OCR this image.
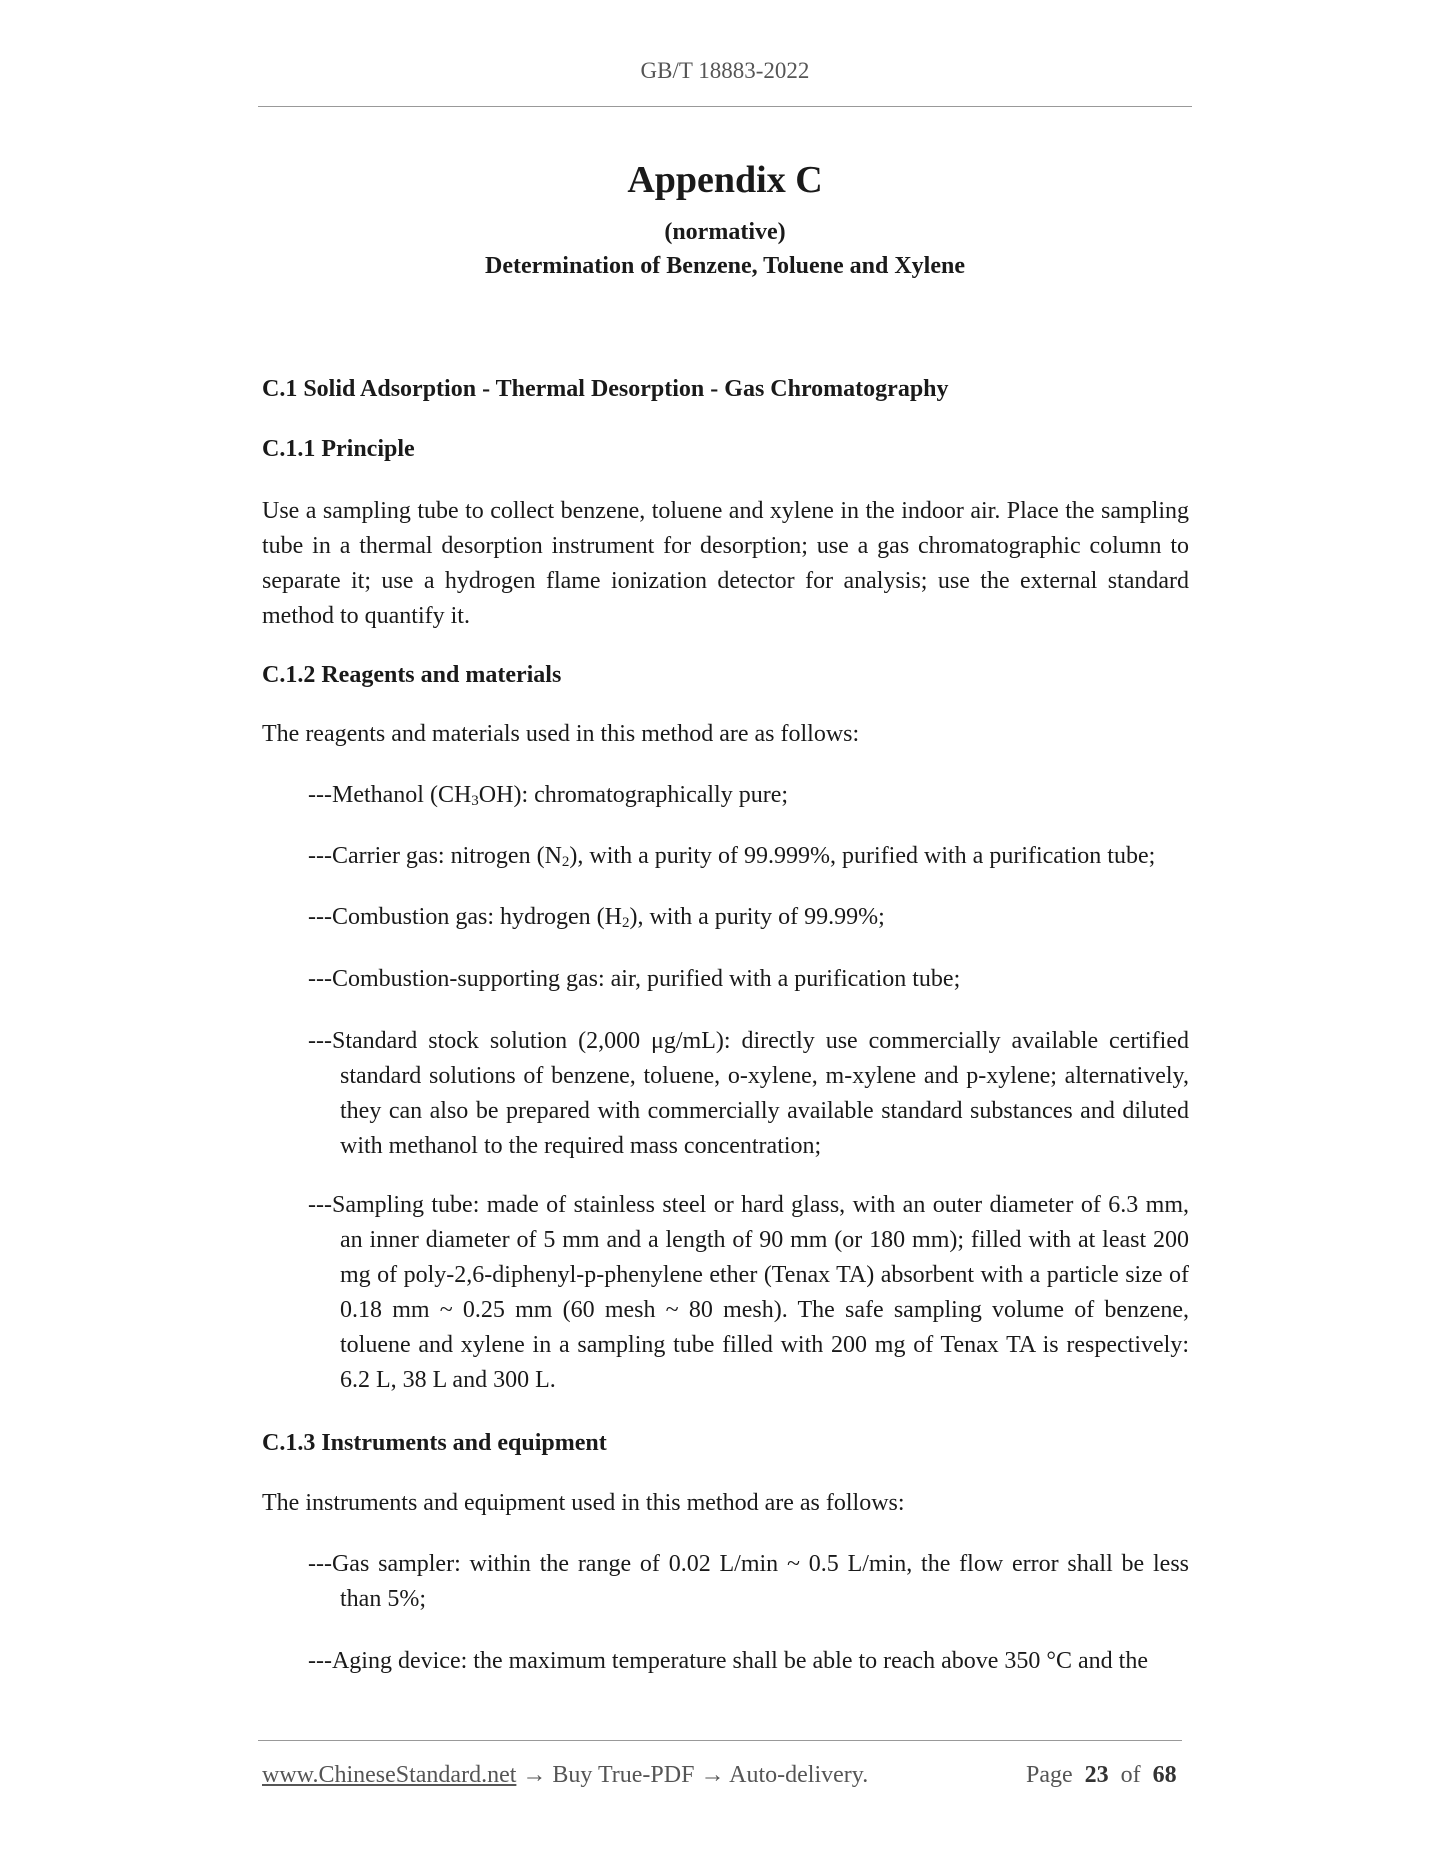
GB/T 18883-2022
Appendix C
(normative)
Determination of Benzene, Toluene and Xylene
C.1 Solid Adsorption - Thermal Desorption - Gas Chromatography
C.1.1 Principle
Use a sampling tube to collect benzene, toluene and xylene in the indoor air. Place the sampling tube in a thermal desorption instrument for desorption; use a gas chromatographic column to separate it; use a hydrogen flame ionization detector for analysis; use the external standard method to quantify it.
C.1.2 Reagents and materials
The reagents and materials used in this method are as follows:
---Methanol $(CH_3OH)$: chromatographically pure;
---Carrier gas: nitrogen $(N_2)$, with a purity of 99.999%, purified with a purification tube;
---Combustion gas: hydrogen $(H_2)$, with a purity of 99.99%;
---Combustion-supporting gas: air, purified with a purification tube;
---Standard stock solution (2,000 μg/mL): directly use commercially available certified standard solutions of benzene, toluene, o-xylene, m-xylene and p-xylene; alternatively, they can also be prepared with commercially available standard substances and diluted with methanol to the required mass concentration;
---Sampling tube: made of stainless steel or hard glass, with an outer diameter of 6.3 mm, an inner diameter of 5 mm and a length of 90 mm (or 180 mm); filled with at least 200 mg of poly-2,6-diphenyl-p-phenylene ether (Tenax TA) absorbent with a particle size of 0.18 mm ~ 0.25 mm (60 mesh ~ 80 mesh). The safe sampling volume of benzene, toluene and xylene in a sampling tube filled with 200 mg of Tenax TA is respectively: 6.2 L, 38 L and 300 L.
C.1.3 Instruments and equipment
The instruments and equipment used in this method are as follows:
---Gas sampler: within the range of 0.02 L/min ~ 0.5 L/min, the flow error shall be less than 5%;
---Aging device: the maximum temperature shall be able to reach above 350 °C and the
www.ChineseStandard.net → Buy True-PDF → Auto-delivery.	Page 23 of 68
